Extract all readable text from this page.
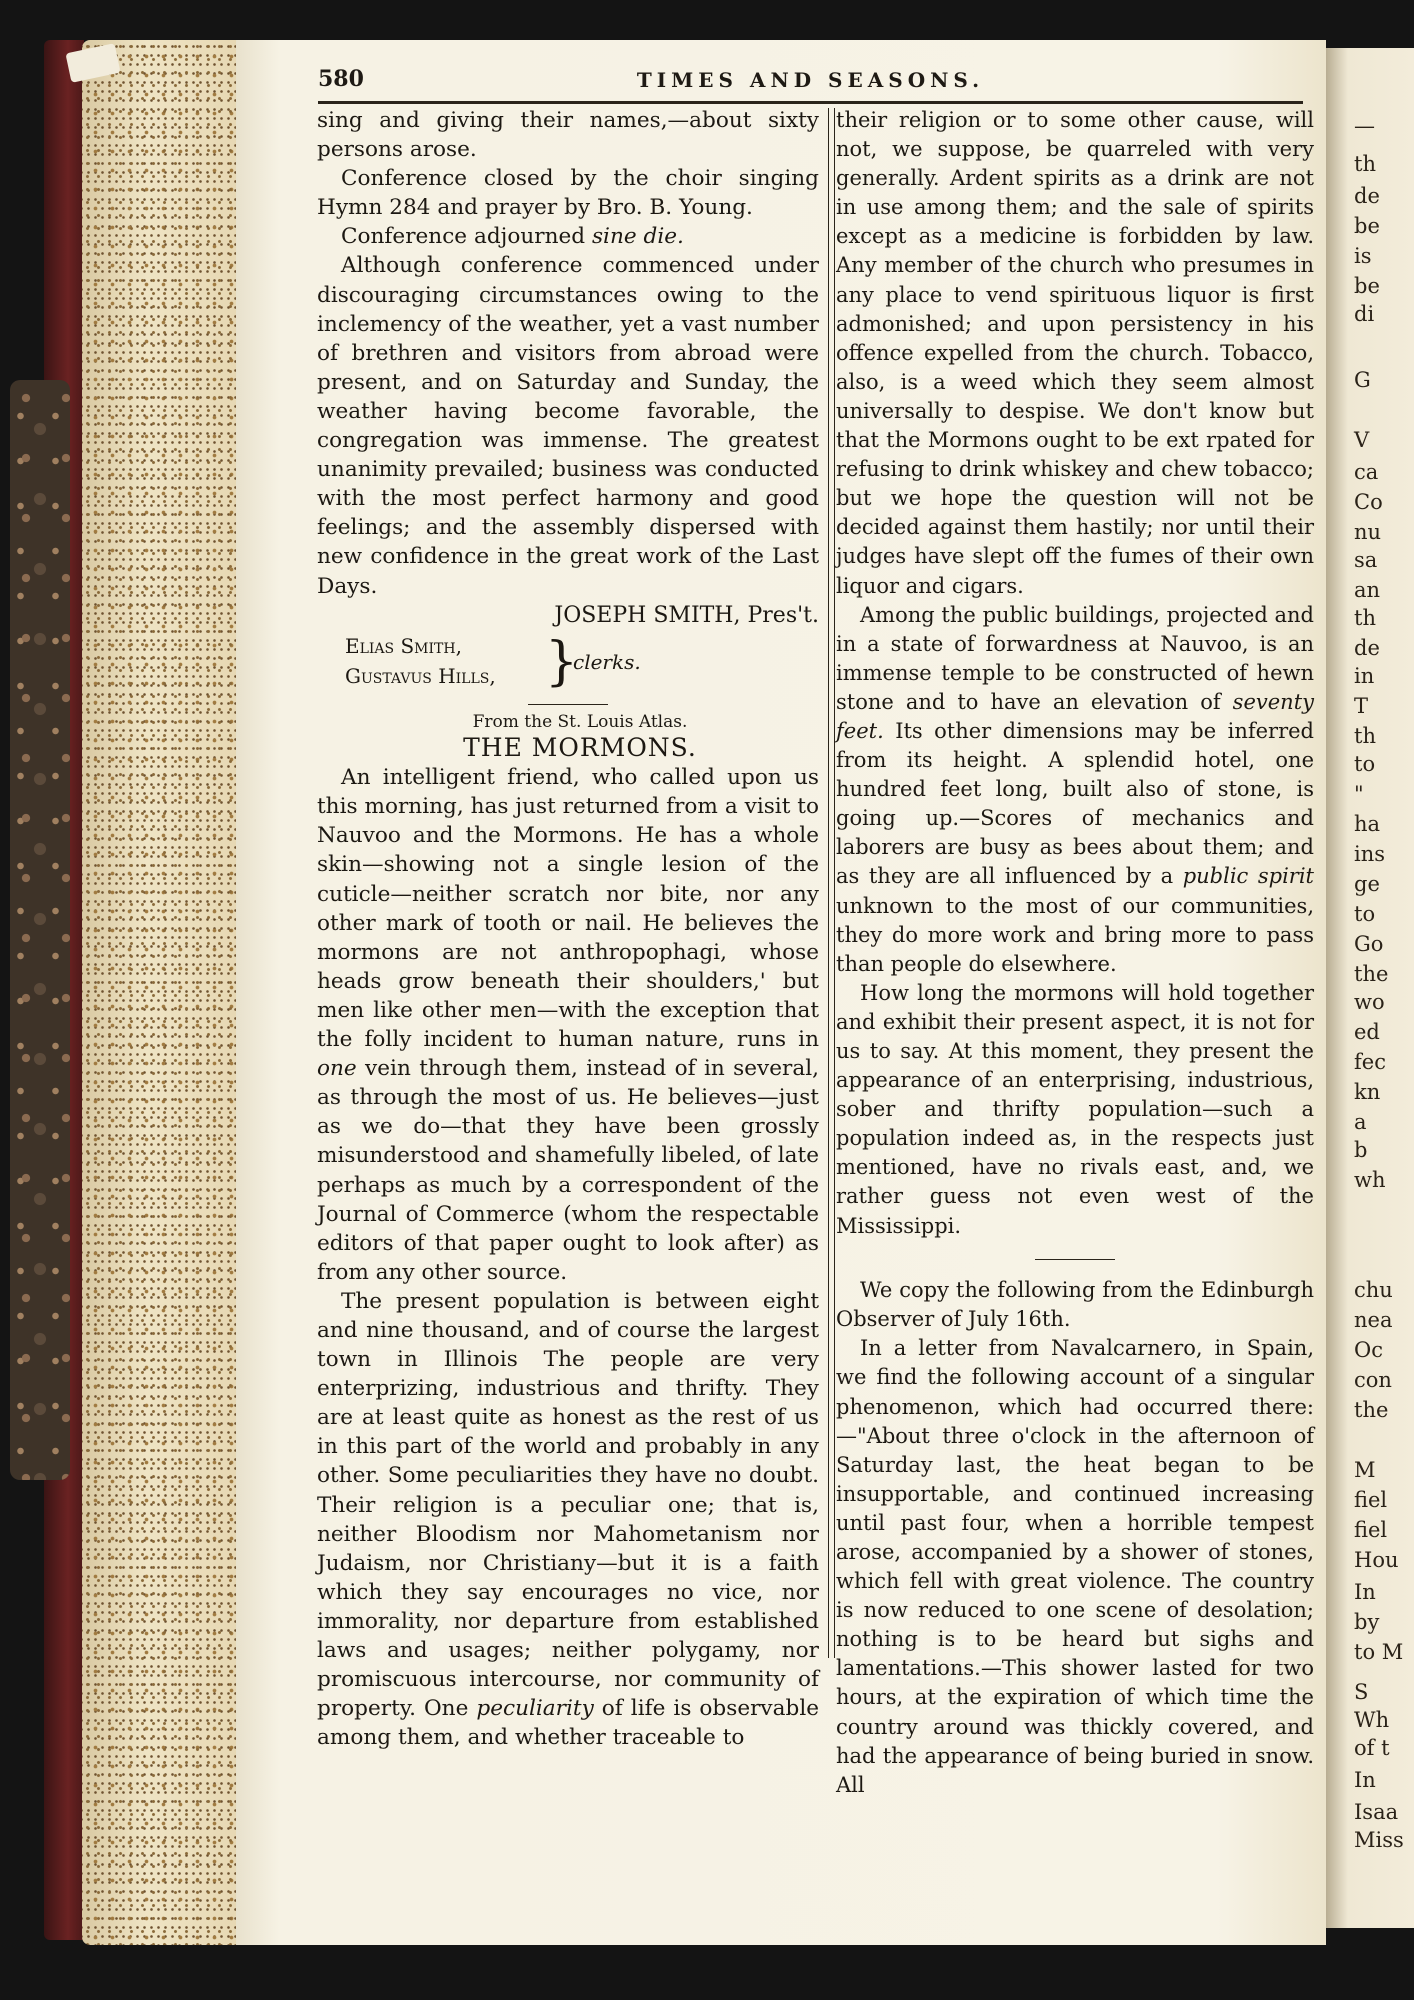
—
th
de
be
is
be
di
G
V
ca
Co
nu
sa
an
th
de
in
T
th
to
"
ha
ins
ge
to
Go
the
wo
ed
fec
kn
a
b
wh
chu
nea
Oc
con
the
M
fiel
fiel
Hou
In
by
to M
S
Wh
of t
In
Isaa
Miss
580	TIMES AND SEASONS.

sing and giving their names,—about sixty persons arose.

Conference closed by the choir singing Hymn 284 and prayer by Bro. B. Young.

Conference adjourned sine die.

Although conference commenced under discouraging circumstances owing to the inclemency of the weather, yet a vast number of brethren and visitors from abroad were present, and on Saturday and Sunday, the weather having become favorable, the congregation was immense. The greatest unanimity prevailed; business was conducted with the most perfect harmony and good feelings; and the assembly dispersed with new confidence in the great work of the Last Days.

JOSEPH SMITH, Pres't.

Elias Smith,
Gustavus Hills, }
clerks.

From the St. Louis Atlas.

THE MORMONS.

An intelligent friend, who called upon us this morning, has just returned from a visit to Nauvoo and the Mormons. He has a whole skin—showing not a single lesion of the cuticle—neither scratch nor bite, nor any other mark of tooth or nail. He believes the mormons are not anthropophagi, whose heads grow beneath their shoulders,' but men like other men—with the exception that the folly incident to human nature, runs in one vein through them, instead of in several, as through the most of us. He believes—just as we do—that they have been grossly misunderstood and shamefully libeled, of late perhaps as much by a correspondent of the Journal of Commerce (whom the respectable editors of that paper ought to look after) as from any other source.

The present population is between eight and nine thousand, and of course the largest town in Illinois The people are very enterprizing, industrious and thrifty. They are at least quite as honest as the rest of us in this part of the world and probably in any other. Some peculiarities they have no doubt. Their religion is a peculiar one; that is, neither Bloodism nor Mahometanism nor Judaism, nor Christiany—but it is a faith which they say encourages no vice, nor immorality, nor departure from established laws and usages; neither polygamy, nor promiscuous intercourse, nor community of property. One peculiarity of life is observable among them, and whether traceable to

their religion or to some other cause, will not, we suppose, be quarreled with very generally. Ardent spirits as a drink are not in use among them; and the sale of spirits except as a medicine is forbidden by law. Any member of the church who presumes in any place to vend spirituous liquor is first admonished; and upon persistency in his offence expelled from the church. Tobacco, also, is a weed which they seem almost universally to despise. We don't know but that the Mormons ought to be ext rpated for refusing to drink whiskey and chew tobacco; but we hope the question will not be decided against them hastily; nor until their judges have slept off the fumes of their own liquor and cigars.

Among the public buildings, projected and in a state of forwardness at Nauvoo, is an immense temple to be constructed of hewn stone and to have an elevation of seventy feet. Its other dimensions may be inferred from its height. A splendid hotel, one hundred feet long, built also of stone, is going up.—Scores of mechanics and laborers are busy as bees about them; and as they are all influenced by a public spirit unknown to the most of our communities, they do more work and bring more to pass than people do elsewhere.

How long the mormons will hold together and exhibit their present aspect, it is not for us to say. At this moment, they present the appearance of an enterprising, industrious, sober and thrifty population—such a population indeed as, in the respects just mentioned, have no rivals east, and, we rather guess not even west of the Mississippi.

We copy the following from the Edinburgh Observer of July 16th.

In a letter from Navalcarnero, in Spain, we find the following account of a singular phenomenon, which had occurred there:—"About three o'clock in the afternoon of Saturday last, the heat began to be insupportable, and continued increasing until past four, when a horrible tempest arose, accompanied by a shower of stones, which fell with great violence. The country is now reduced to one scene of desolation; nothing is to be heard but sighs and lamentations.—This shower lasted for two hours, at the expiration of which time the country around was thickly covered, and had the appearance of being buried in snow. All
